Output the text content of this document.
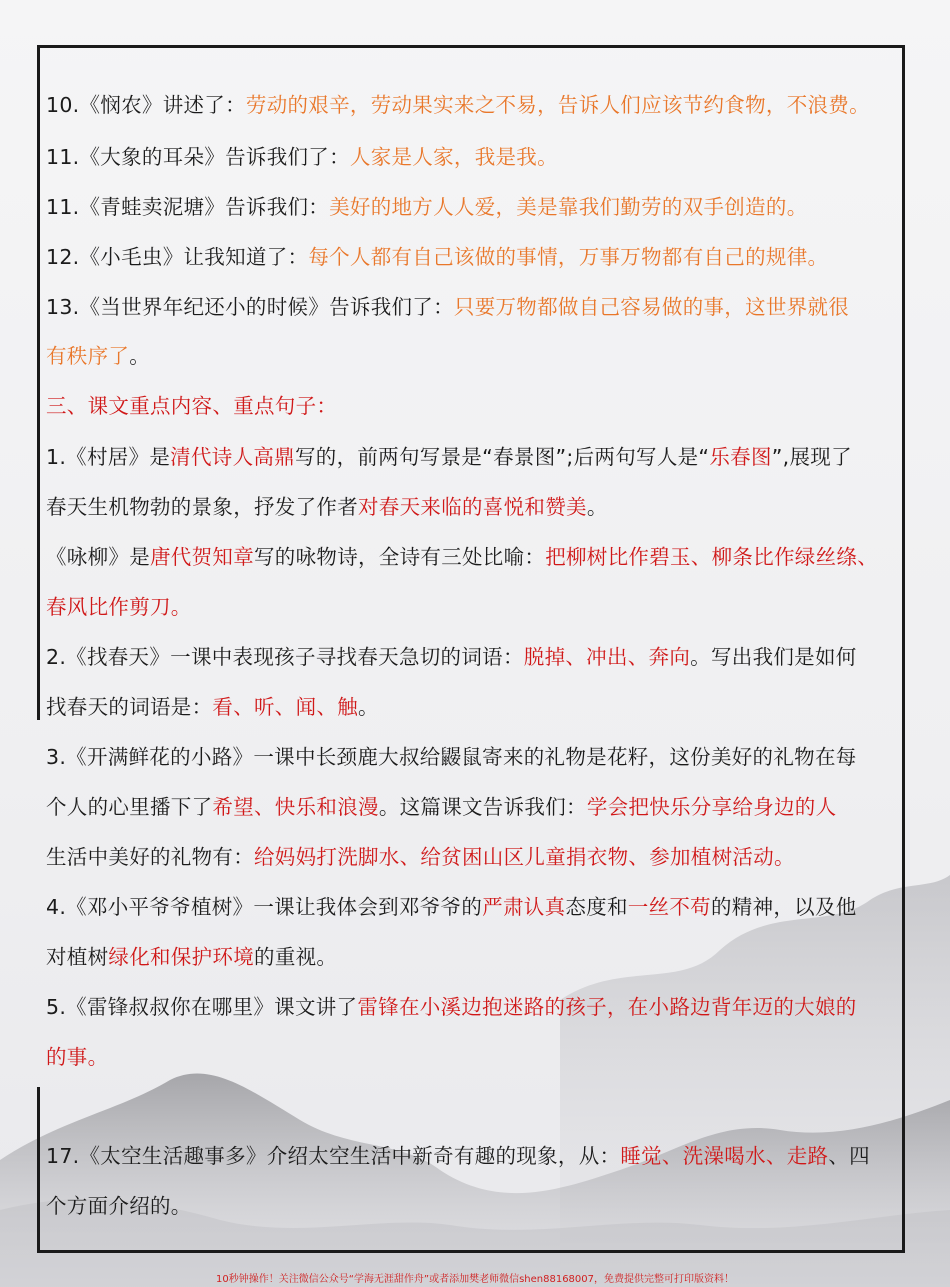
10.《悯农》讲述了：劳动的艰辛，劳动果实来之不易，告诉人们应该节约食物，不浪费。
11.《大象的耳朵》告诉我们了：人家是人家，我是我。
11.《青蛙卖泥塘》告诉我们：美好的地方人人爱，美是靠我们勤劳的双手创造的。
12.《小毛虫》让我知道了：每个人都有自己该做的事情，万事万物都有自己的规律。
13.《当世界年纪还小的时候》告诉我们了：只要万物都做自己容易做的事，这世界就很
有秩序了。
三、课文重点内容、重点句子：
1.《村居》是清代诗人高鼎写的，前两句写景是“春景图”;后两句写人是“乐春图”,展现了
春天生机物勃的景象，抒发了作者对春天来临的喜悦和赞美。
《咏柳》是唐代贺知章写的咏物诗，全诗有三处比喻：把柳树比作碧玉、柳条比作绿丝绦、
春风比作剪刀。
2.《找春天》一课中表现孩子寻找春天急切的词语：脱掉、冲出、奔向。写出我们是如何
找春天的词语是：看、听、闻、触。
3.《开满鲜花的小路》一课中长颈鹿大叔给鼹鼠寄来的礼物是花籽，这份美好的礼物在每
个人的心里播下了希望、快乐和浪漫。这篇课文告诉我们：学会把快乐分享给身边的人
生活中美好的礼物有：给妈妈打洗脚水、给贫困山区儿童捐衣物、参加植树活动。
4.《邓小平爷爷植树》一课让我体会到邓爷爷的严肃认真态度和一丝不苟的精神，以及他
对植树绿化和保护环境的重视。
5.《雷锋叔叔你在哪里》课文讲了雷锋在小溪边抱迷路的孩子，在小路边背年迈的大娘的
的事。
17.《太空生活趣事多》介绍太空生活中新奇有趣的现象，从：睡觉、洗澡喝水、走路、四
个方面介绍的。
10秒钟操作！关注微信公众号“学海无涯甜作舟”或者添加樊老师微信shen88168007，免费提供完整可打印版资料！
